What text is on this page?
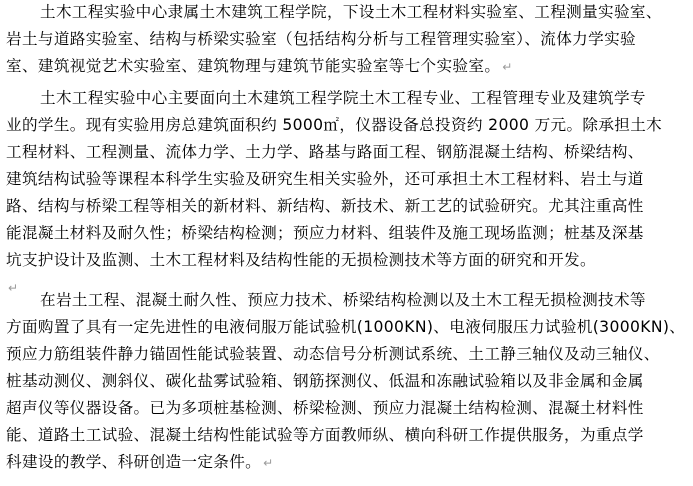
土木工程实验中心隶属土木建筑工程学院，下设土木工程材料实验室、工程测量实验室、
岩土与道路实验室、结构与桥梁实验室（包括结构分析与工程管理实验室）、流体力学实验
室、建筑视觉艺术实验室、建筑物理与建筑节能实验室等七个实验室。 ↵
土木工程实验中心主要面向土木建筑工程学院土木工程专业、工程管理专业及建筑学专
业的学生。现有实验用房总建筑面积约 5000㎡，仪器设备总投资约 2000 万元。除承担土木
工程材料、工程测量、流体力学、土力学、路基与路面工程、钢筋混凝土结构、桥梁结构、
建筑结构试验等课程本科学生实验及研究生相关实验外，还可承担土木工程材料、岩土与道
路、结构与桥梁工程等相关的新材料、新结构、新技术、新工艺的试验研究。尤其注重高性
能混凝土材料及耐久性；桥梁结构检测；预应力材料、组装件及施工现场监测；桩基及深基
坑支护设计及监测、土木工程材料及结构性能的无损检测技术等方面的研究和开发。
↵
在岩土工程、混凝土耐久性、预应力技术、桥梁结构检测以及土木工程无损检测技术等
方面购置了具有一定先进性的电液伺服万能试验机(1000KN)、电液伺服压力试验机(3000KN)、
预应力筋组装件静力锚固性能试验装置、动态信号分析测试系统、土工静三轴仪及动三轴仪、
桩基动测仪、测斜仪、碳化盐雾试验箱、钢筋探测仪、低温和冻融试验箱以及非金属和金属
超声仪等仪器设备。已为多项桩基检测、桥梁检测、预应力混凝土结构检测、混凝土材料性
能、道路土工试验、混凝土结构性能试验等方面教师纵、横向科研工作提供服务，为重点学
科建设的教学、科研创造一定条件。 ↵
